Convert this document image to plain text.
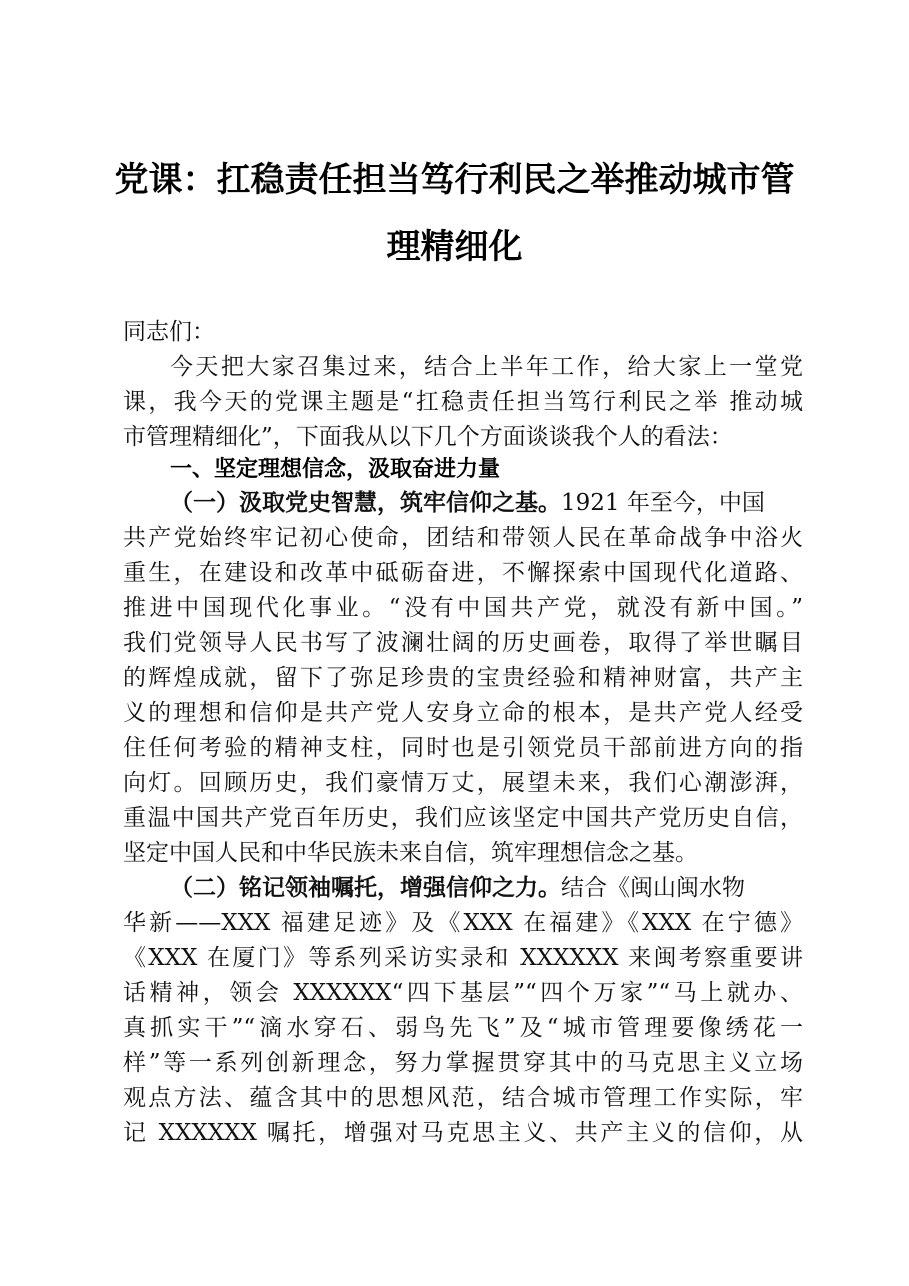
党课：扛稳责任担当笃行利民之举推动城市管
理精细化
同志们：
今天把大家召集过来，结合上半年工作，给大家上一堂党
课，我今天的党课主题是“扛稳责任担当笃行利民之举 推动城
市管理精细化”，下面我从以下几个方面谈谈我个人的看法：
一、坚定理想信念，汲取奋进力量
（一）汲取党史智慧，筑牢信仰之基。1921 年至今，中国
共产党始终牢记初心使命，团结和带领人民在革命战争中浴火
重生，在建设和改革中砥砺奋进，不懈探索中国现代化道路、
推进中国现代化事业。“没有中国共产党，就没有新中国。”
我们党领导人民书写了波澜壮阔的历史画卷，取得了举世瞩目
的辉煌成就，留下了弥足珍贵的宝贵经验和精神财富，共产主
义的理想和信仰是共产党人安身立命的根本，是共产党人经受
住任何考验的精神支柱，同时也是引领党员干部前进方向的指
向灯。回顾历史，我们豪情万丈，展望未来，我们心潮澎湃，
重温中国共产党百年历史，我们应该坚定中国共产党历史自信，
坚定中国人民和中华民族未来自信，筑牢理想信念之基。
（二）铭记领袖嘱托，增强信仰之力。结合《闽山闽水物
华新——XXX 福建足迹》及《XXX 在福建》《XXX 在宁德》
《XXX 在厦门》等系列采访实录和 XXXXXX 来闽考察重要讲
话精神，领会 XXXXXX“四下基层”“四个万家”“马上就办、
真抓实干”“滴水穿石、弱鸟先飞”及“城市管理要像绣花一
样”等一系列创新理念，努力掌握贯穿其中的马克思主义立场
观点方法、蕴含其中的思想风范，结合城市管理工作实际，牢
记 XXXXXX 嘱托，增强对马克思主义、共产主义的信仰，从
